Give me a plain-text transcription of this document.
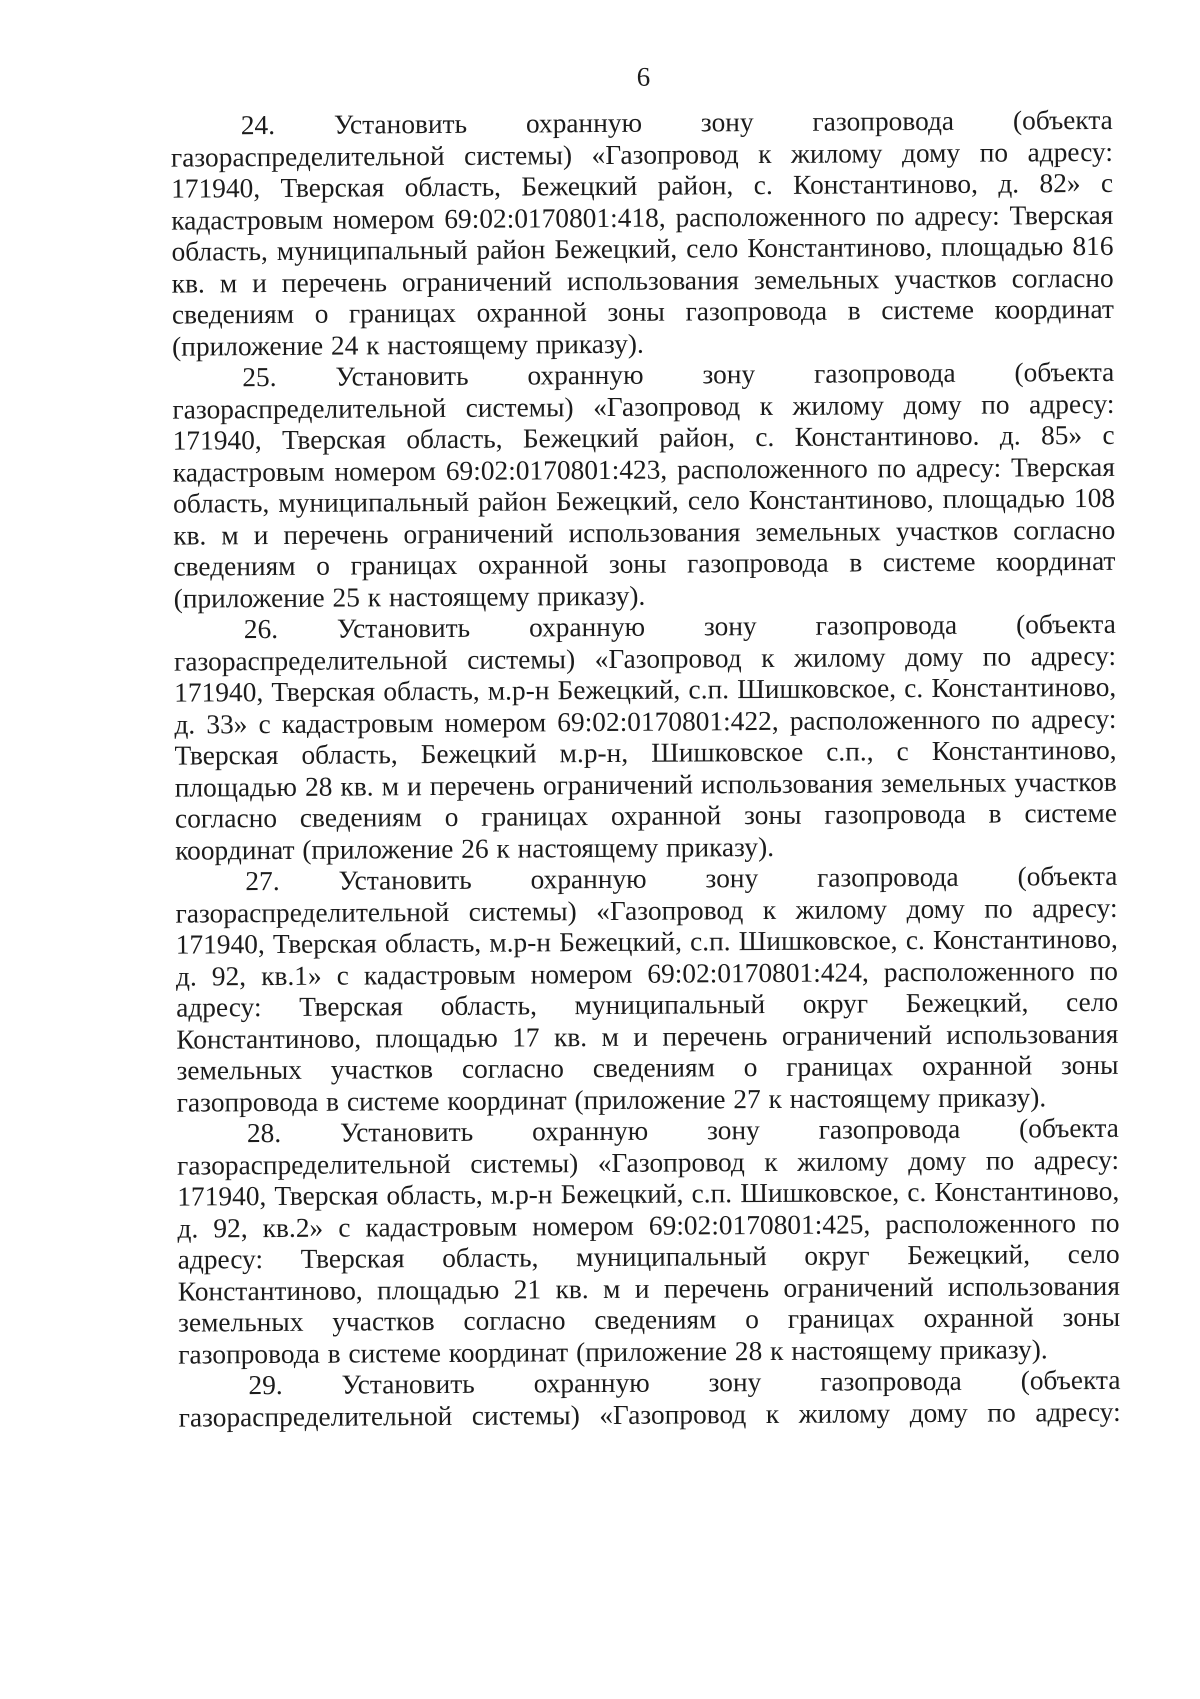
6

24. Установить охранную зону газопровода (объекта газораспределительной системы) «Газопровод к жилому дому по адресу: 171940, Тверская область, Бежецкий район, с. Константиново, д. 82» с кадастровым номером 69:02:0170801:418, расположенного по адресу: Тверская область, муниципальный район Бежецкий, село Константиново, площадью 816 кв. м и перечень ограничений использования земельных участков согласно сведениям о границах охранной зоны газопровода в системе координат (приложение 24 к настоящему приказу).

25. Установить охранную зону газопровода (объекта газораспределительной системы) «Газопровод к жилому дому по адресу: 171940, Тверская область, Бежецкий район, с. Константиново. д. 85» с кадастровым номером 69:02:0170801:423, расположенного по адресу: Тверская область, муниципальный район Бежецкий, село Константиново, площадью 108 кв. м и перечень ограничений использования земельных участков согласно сведениям о границах охранной зоны газопровода в системе координат (приложение 25 к настоящему приказу).

26. Установить охранную зону газопровода (объекта газораспределительной системы) «Газопровод к жилому дому по адресу: 171940, Тверская область, м.р-н Бежецкий, с.п. Шишковское, с. Константиново, д. 33» с кадастровым номером 69:02:0170801:422, расположенного по адресу: Тверская область, Бежецкий м.р-н, Шишковское с.п., с Константиново, площадью 28 кв. м и перечень ограничений использования земельных участков согласно сведениям о границах охранной зоны газопровода в системе координат (приложение 26 к настоящему приказу).

27. Установить охранную зону газопровода (объекта газораспределительной системы) «Газопровод к жилому дому по адресу: 171940, Тверская область, м.р-н Бежецкий, с.п. Шишковское, с. Константиново, д. 92, кв.1» с кадастровым номером 69:02:0170801:424, расположенного по адресу: Тверская область, муниципальный округ Бежецкий, село Константиново, площадью 17 кв. м и перечень ограничений использования земельных участков согласно сведениям о границах охранной зоны газопровода в системе координат (приложение 27 к настоящему приказу).

28. Установить охранную зону газопровода (объекта газораспределительной системы) «Газопровод к жилому дому по адресу: 171940, Тверская область, м.р-н Бежецкий, с.п. Шишковское, с. Константиново, д. 92, кв.2» с кадастровым номером 69:02:0170801:425, расположенного по адресу: Тверская область, муниципальный округ Бежецкий, село Константиново, площадью 21 кв. м и перечень ограничений использования земельных участков согласно сведениям о границах охранной зоны газопровода в системе координат (приложение 28 к настоящему приказу).

29. Установить охранную зону газопровода (объекта газораспределительной системы) «Газопровод к жилому дому по адресу:
